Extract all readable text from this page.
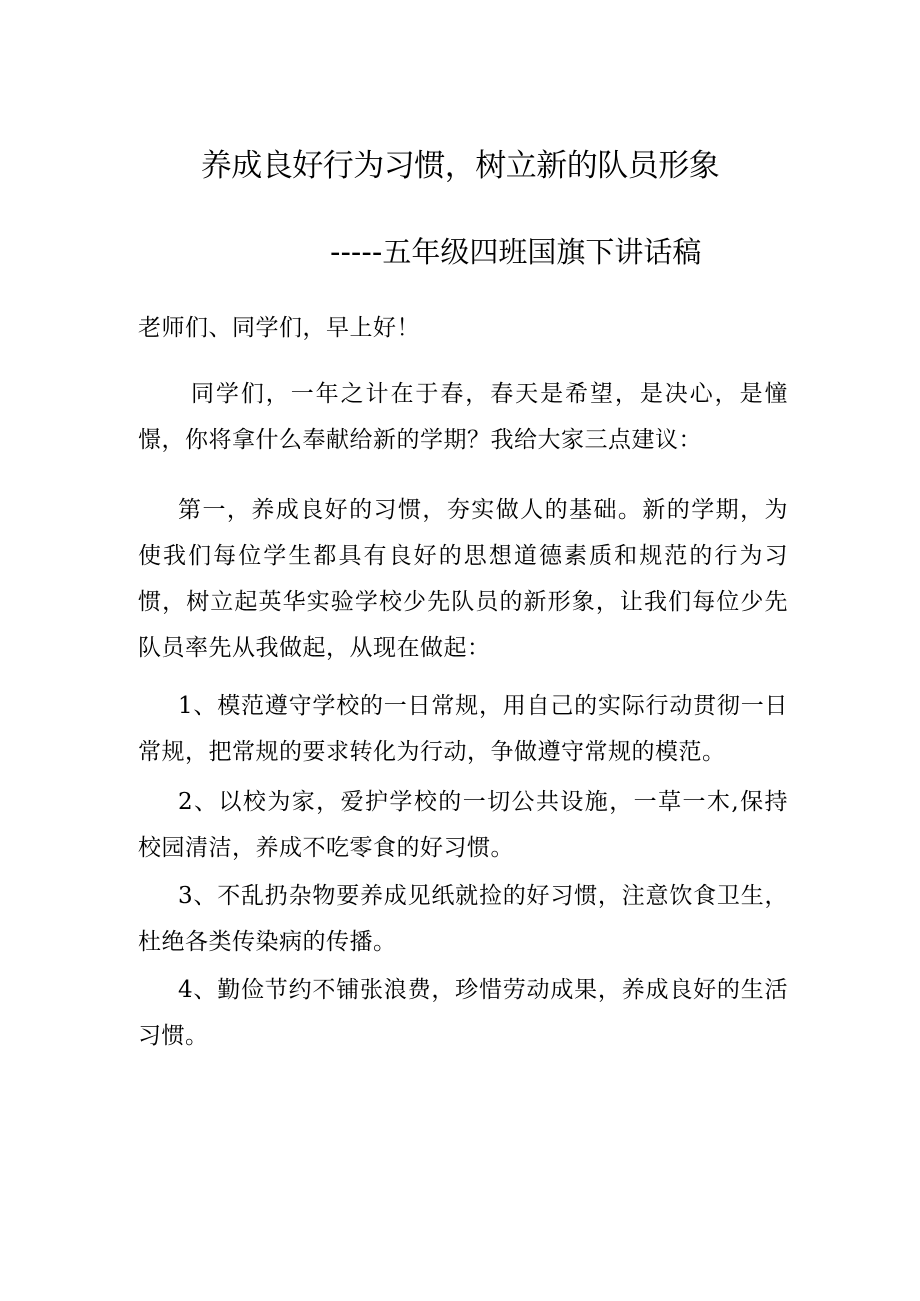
养成良好行为习惯，树立新的队员形象

-----五年级四班国旗下讲话稿

老师们、同学们，早上好！

同学们，一年之计在于春，春天是希望，是决心，是憧憬，你将拿什么奉献给新的学期？我给大家三点建议：

第一，养成良好的习惯，夯实做人的基础。新的学期，为使我们每位学生都具有良好的思想道德素质和规范的行为习惯，树立起英华实验学校少先队员的新形象，让我们每位少先队员率先从我做起，从现在做起：

1、模范遵守学校的一日常规，用自己的实际行动贯彻一日常规，把常规的要求转化为行动，争做遵守常规的模范。

2、以校为家，爱护学校的一切公共设施，一草一木,保持校园清洁，养成不吃零食的好习惯。

3、不乱扔杂物要养成见纸就捡的好习惯，注意饮食卫生，杜绝各类传染病的传播。

4、勤俭节约不铺张浪费，珍惜劳动成果，养成良好的生活习惯。
